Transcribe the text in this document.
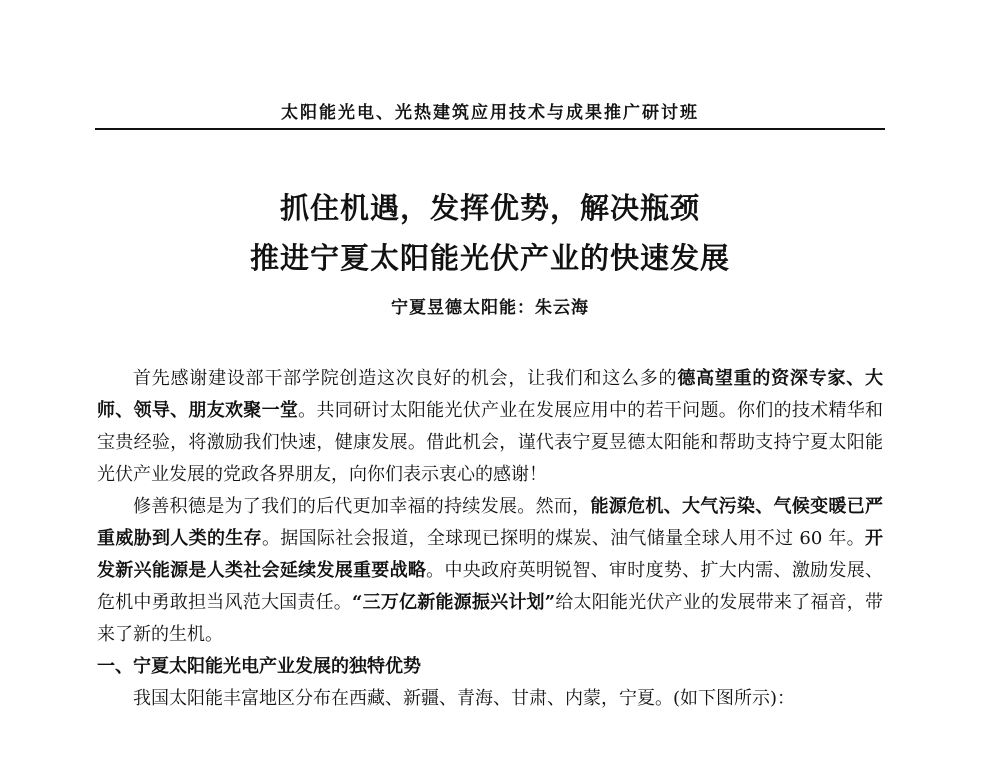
太阳能光电、光热建筑应用技术与成果推广研讨班
抓住机遇，发挥优势，解决瓶颈
推进宁夏太阳能光伏产业的快速发展
宁夏昱德太阳能：朱云海

首先感谢建设部干部学院创造这次良好的机会，让我们和这么多的德高望重的资深专家、大师、领导、朋友欢聚一堂。共同研讨太阳能光伏产业在发展应用中的若干问题。你们的技术精华和宝贵经验，将激励我们快速，健康发展。借此机会，谨代表宁夏昱德太阳能和帮助支持宁夏太阳能光伏产业发展的党政各界朋友，向你们表示衷心的感谢！

修善积德是为了我们的后代更加幸福的持续发展。然而，能源危机、大气污染、气候变暖已严重威胁到人类的生存。据国际社会报道，全球现已探明的煤炭、油气储量全球人用不过 60 年。开发新兴能源是人类社会延续发展重要战略。中央政府英明锐智、审时度势、扩大内需、激励发展、危机中勇敢担当风范大国责任。“三万亿新能源振兴计划”给太阳能光伏产业的发展带来了福音，带来了新的生机。

一、宁夏太阳能光电产业发展的独特优势

我国太阳能丰富地区分布在西藏、新疆、青海、甘肃、内蒙，宁夏。(如下图所示)：
